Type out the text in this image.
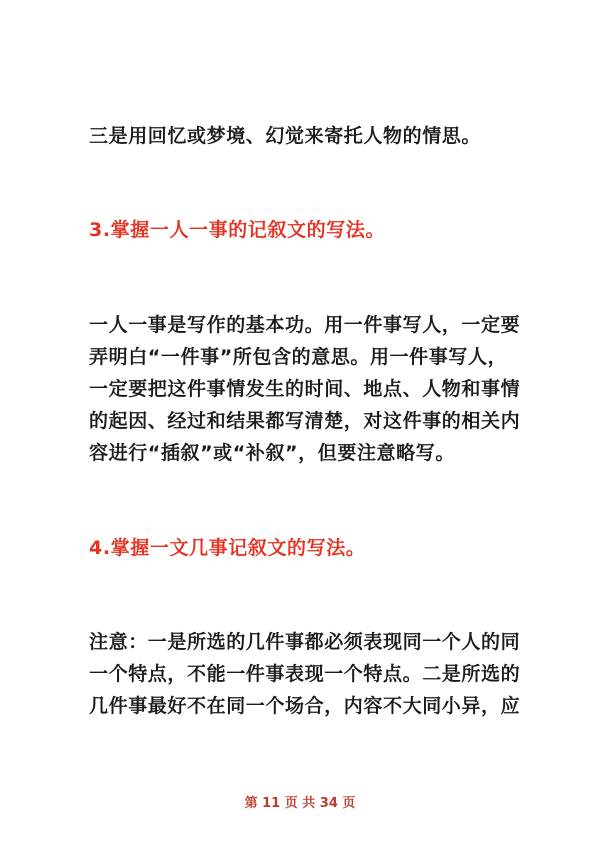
三是用回忆或梦境、幻觉来寄托人物的情思。
3.掌握一人一事的记叙文的写法。
一人一事是写作的基本功。用一件事写人，一定要
弄明白“一件事”所包含的意思。用一件事写人，
一定要把这件事情发生的时间、地点、人物和事情
的起因、经过和结果都写清楚，对这件事的相关内
容进行“插叙”或“补叙”，但要注意略写。
4.掌握一文几事记叙文的写法。
注意：一是所选的几件事都必须表现同一个人的同
一个特点，不能一件事表现一个特点。二是所选的
几件事最好不在同一个场合，内容不大同小异，应
第 11 页 共 34 页
